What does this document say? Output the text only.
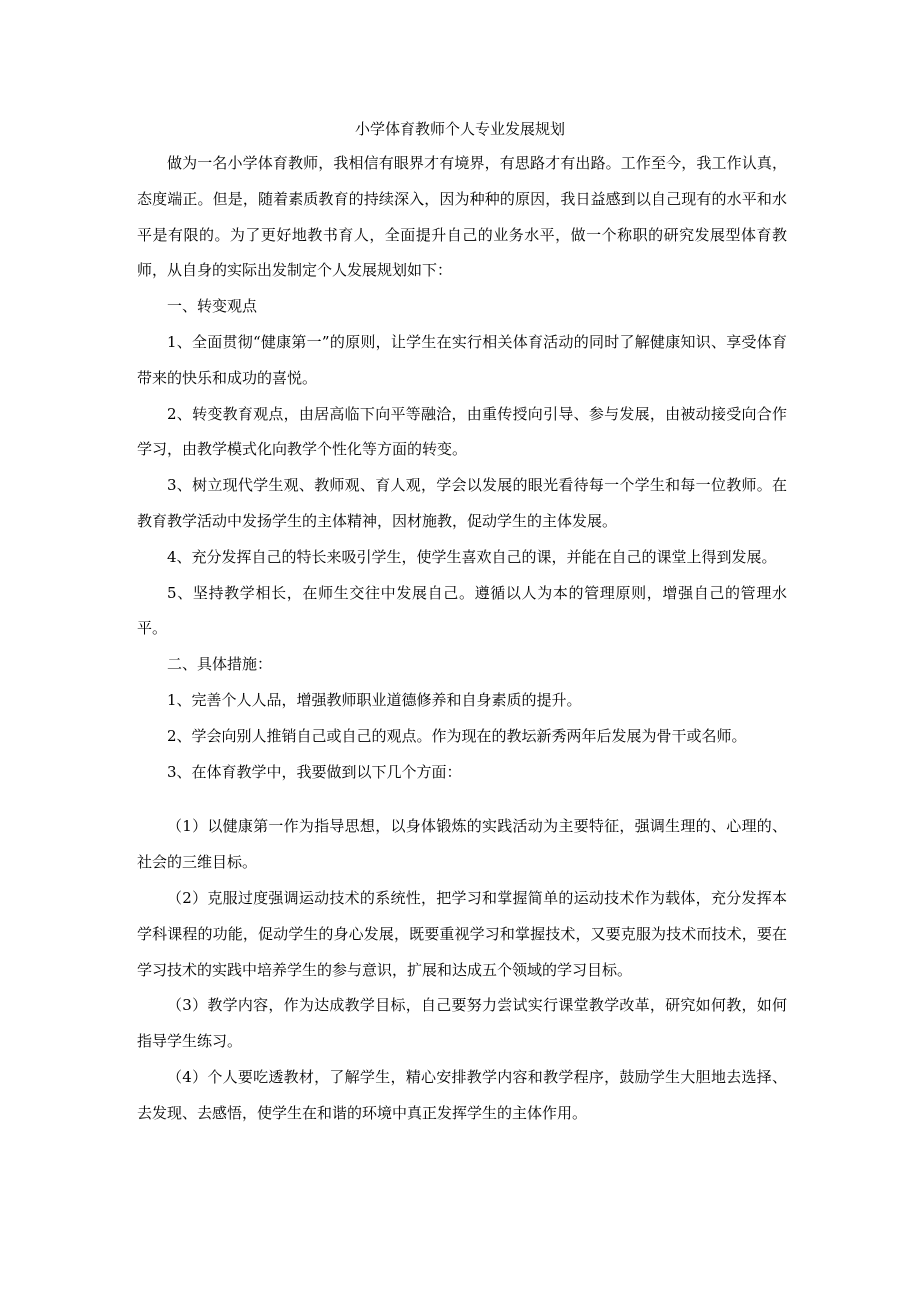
小学体育教师个人专业发展规划

做为一名小学体育教师，我相信有眼界才有境界，有思路才有出路。工作至今，我工作认真，态度端正。但是，随着素质教育的持续深入，因为种种的原因，我日益感到以自己现有的水平和水平是有限的。为了更好地教书育人，全面提升自己的业务水平，做一个称职的研究发展型体育教师，从自身的实际出发制定个人发展规划如下：

一、转变观点

1、全面贯彻“健康第一”的原则，让学生在实行相关体育活动的同时了解健康知识、享受体育带来的快乐和成功的喜悦。

2、转变教育观点，由居高临下向平等融洽，由重传授向引导、参与发展，由被动接受向合作学习，由教学模式化向教学个性化等方面的转变。

3、树立现代学生观、教师观、育人观，学会以发展的眼光看待每一个学生和每一位教师。在教育教学活动中发扬学生的主体精神，因材施教，促动学生的主体发展。

4、充分发挥自己的特长来吸引学生，使学生喜欢自己的课，并能在自己的课堂上得到发展。

5、坚持教学相长，在师生交往中发展自己。遵循以人为本的管理原则，增强自己的管理水平。

二、具体措施：

1、完善个人人品，增强教师职业道德修养和自身素质的提升。

2、学会向别人推销自己或自己的观点。作为现在的教坛新秀两年后发展为骨干或名师。

3、在体育教学中，我要做到以下几个方面：

（1）以健康第一作为指导思想，以身体锻炼的实践活动为主要特征，强调生理的、心理的、社会的三维目标。

（2）克服过度强调运动技术的系统性，把学习和掌握简单的运动技术作为载体，充分发挥本学科课程的功能，促动学生的身心发展，既要重视学习和掌握技术，又要克服为技术而技术，要在学习技术的实践中培养学生的参与意识，扩展和达成五个领域的学习目标。

（3）教学内容，作为达成教学目标，自己要努力尝试实行课堂教学改革，研究如何教，如何指导学生练习。

（4）个人要吃透教材，了解学生，精心安排教学内容和教学程序，鼓励学生大胆地去选择、去发现、去感悟，使学生在和谐的环境中真正发挥学生的主体作用。
